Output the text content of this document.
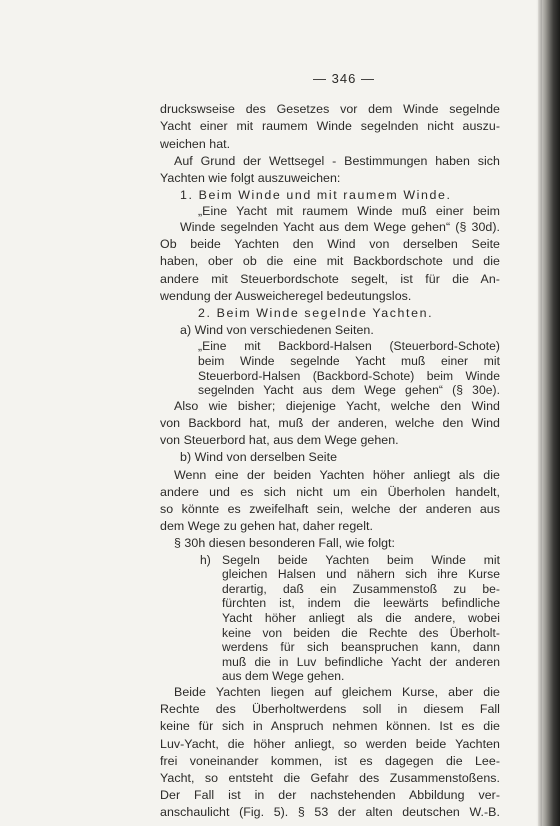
— 346 —
druckswseise des Gesetzes vor dem Winde segelnde
Yacht einer mit raumem Winde segelnden nicht auszu-
weichen hat.
Auf Grund der Wettsegel - Bestimmungen haben sich
Yachten wie folgt auszuweichen:
1. Beim Winde und mit raumem Winde.
„Eine Yacht mit raumem Winde muß einer beim
Winde segelnden Yacht aus dem Wege gehen“ (§ 30d).
Ob beide Yachten den Wind von derselben Seite
haben, ober ob die eine mit Backbordschote und die
andere mit Steuerbordschote segelt, ist für die An-
wendung der Ausweicheregel bedeutungslos.
2. Beim Winde segelnde Yachten.
a) Wind von verschiedenen Seiten.
„Eine mit Backbord-Halsen (Steuerbord-Schote)
beim Winde segelnde Yacht muß einer mit
Steuerbord-Halsen (Backbord-Schote) beim Winde
segelnden Yacht aus dem Wege gehen“ (§ 30e).
Also wie bisher; diejenige Yacht, welche den Wind
von Backbord hat, muß der anderen, welche den Wind
von Steuerbord hat, aus dem Wege gehen.
b) Wind von derselben Seite
Wenn eine der beiden Yachten höher anliegt als die
andere und es sich nicht um ein Überholen handelt,
so könnte es zweifelhaft sein, welche der anderen aus
dem Wege zu gehen hat, daher regelt.
§ 30h diesen besonderen Fall, wie folgt:
h) Segeln beide Yachten beim Winde mit
gleichen Halsen und nähern sich ihre Kurse
derartig, daß ein Zusammenstoß zu be-
fürchten ist, indem die leewärts befindliche
Yacht höher anliegt als die andere, wobei
keine von beiden die Rechte des Überholt-
werdens für sich beanspruchen kann, dann
muß die in Luv befindliche Yacht der anderen
aus dem Wege gehen.
Beide Yachten liegen auf gleichem Kurse, aber die
Rechte des Überholtwerdens soll in diesem Fall
keine für sich in Anspruch nehmen können. Ist es die
Luv-Yacht, die höher anliegt, so werden beide Yachten
frei voneinander kommen, ist es dagegen die Lee-
Yacht, so entsteht die Gefahr des Zusammenstoßens.
Der Fall ist in der nachstehenden Abbildung ver-
anschaulicht (Fig. 5). § 53 der alten deutschen W.-B.
